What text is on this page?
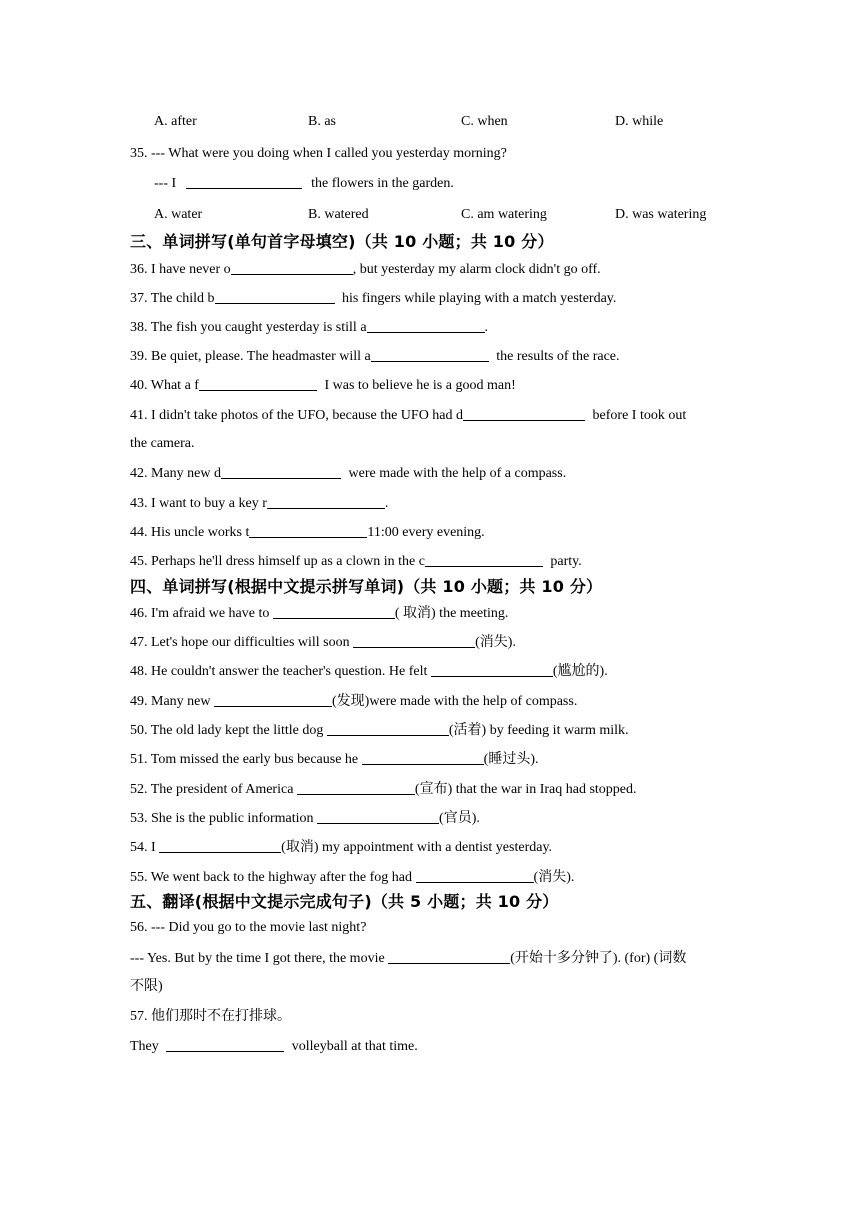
A. after	B. as	C. when	D. while
35. --- What were you doing when I called you yesterday morning?
--- I	the flowers in the garden.
A. water	B. watered	C. am watering	D. was watering
三、单词拼写(单句首字母填空)（共 10 小题；共 10 分）
36. I have never o	, but yesterday my alarm clock didn't go off.
37. The child b	his fingers while playing with a match yesterday.
38. The fish you caught yesterday is still a	.
39. Be quiet, please. The headmaster will a	the results of the race.
40. What a f	I was to believe he is a good man!
41. I didn't take photos of the UFO, because the UFO had d	before I took out
the camera.
42. Many new d	were made with the help of a compass.
43. I want to buy a key r	.
44. His uncle works t	11:00 every evening.
45. Perhaps he'll dress himself up as a clown in the c	party.
四、单词拼写(根据中文提示拼写单词)（共 10 小题；共 10 分）
46. I'm afraid we have to	( 取消) the meeting.
47. Let's hope our difficulties will soon	(消失).
48. He couldn't answer the teacher's question. He felt	(尴尬的).
49. Many new	(发现)were made with the help of compass.
50. The old lady kept the little dog	(活着) by feeding it warm milk.
51. Tom missed the early bus because he	(睡过头).
52. The president of America	(宣布) that the war in Iraq had stopped.
53. She is the public information	(官员).
54. I	(取消) my appointment with a dentist yesterday.
55. We went back to the highway after the fog had	(消失).
五、翻译(根据中文提示完成句子)（共 5 小题；共 10 分）
56. --- Did you go to the movie last night?
--- Yes. But by the time I got there, the movie	(开始十多分钟了). (for) (词数
不限)
57. 他们那时不在打排球。
They	volleyball at that time.
